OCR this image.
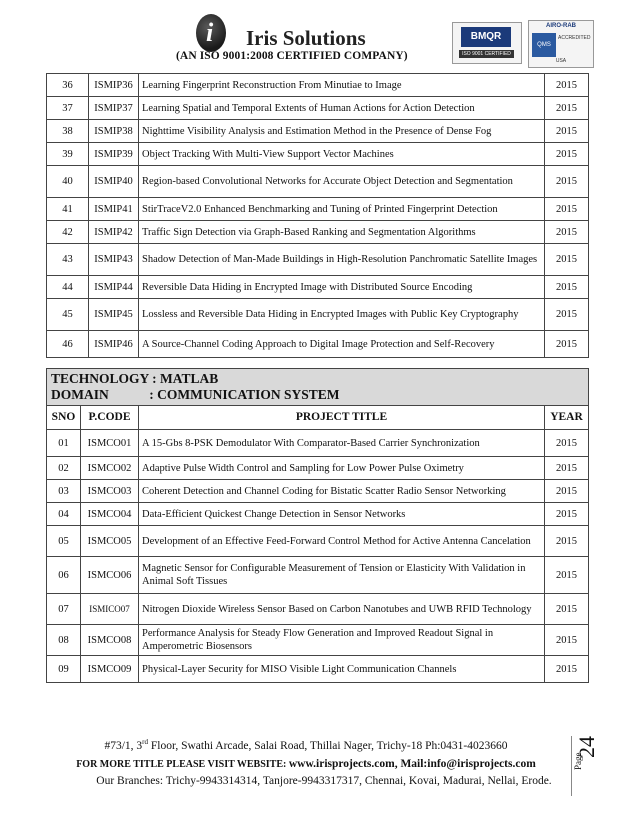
i Iris Solutions
(AN ISO 9001:2008 CERTIFIED COMPANY)
BMQR
ISO 9001 CERTIFIED
AIRO-RAB
QMS
ACCREDITED
USA
36	ISMIP36	Learning Fingerprint Reconstruction From Minutiae to Image	2015
37	ISMIP37	Learning Spatial and Temporal Extents of Human Actions for Action Detection	2015
38	ISMIP38	Nighttime Visibility Analysis and Estimation Method in the Presence of Dense Fog	2015
39	ISMIP39	Object Tracking With Multi-View Support Vector Machines	2015
40	ISMIP40	Region-based Convolutional Networks for Accurate Object Detection and Segmentation	2015
41	ISMIP41	StirTraceV2.0 Enhanced Benchmarking and Tuning of Printed Fingerprint Detection	2015
42	ISMIP42	Traffic Sign Detection via Graph-Based Ranking and Segmentation Algorithms	2015
43	ISMIP43	Shadow Detection of Man-Made Buildings in High-Resolution Panchromatic Satellite Images	2015
44	ISMIP44	Reversible Data Hiding in Encrypted Image with Distributed Source Encoding	2015
45	ISMIP45	Lossless and Reversible Data Hiding in Encrypted Images with Public Key Cryptography	2015
46	ISMIP46	A Source-Channel Coding Approach to Digital Image Protection and Self-Recovery	2015
TECHNOLOGY : MATLAB
DOMAIN            : COMMUNICATION SYSTEM			

SNO	P.CODE	PROJECT TITLE	YEAR
01	ISMCO01	A 15-Gbs 8-PSK Demodulator With Comparator-Based Carrier Synchronization	2015
02	ISMCO02	Adaptive Pulse Width Control and Sampling for Low Power Pulse Oximetry	2015
03	ISMCO03	Coherent Detection and Channel Coding for Bistatic Scatter Radio Sensor Networking	2015
04	ISMCO04	Data-Efficient Quickest Change Detection in Sensor Networks	2015
05	ISMCO05	Development of an Effective Feed-Forward Control Method for Active Antenna Cancelation	2015
06	ISMCO06	Magnetic Sensor for Configurable Measurement of Tension or Elasticity With Validation in Animal Soft Tissues	2015
07	ISMICO07	Nitrogen Dioxide Wireless Sensor Based on Carbon Nanotubes and UWB RFID Technology	2015
08	ISMCO08	Performance Analysis for Steady Flow Generation and Improved Readout Signal in Amperometric Biosensors	2015
09	ISMCO09	Physical-Layer Security for MISO Visible Light Communication Channels	2015
#73/1, 3rd Floor, Swathi Arcade, Salai Road, Thillai Nager, Trichy-18 Ph:0431-4023660
FOR MORE TITLE PLEASE VISIT WEBSITE: www.irisprojects.com, Mail:info@irisprojects.com
Our Branches: Trichy-9943314314, Tanjore-9943317317, Chennai, Kovai, Madurai, Nellai, Erode.
Page
24
